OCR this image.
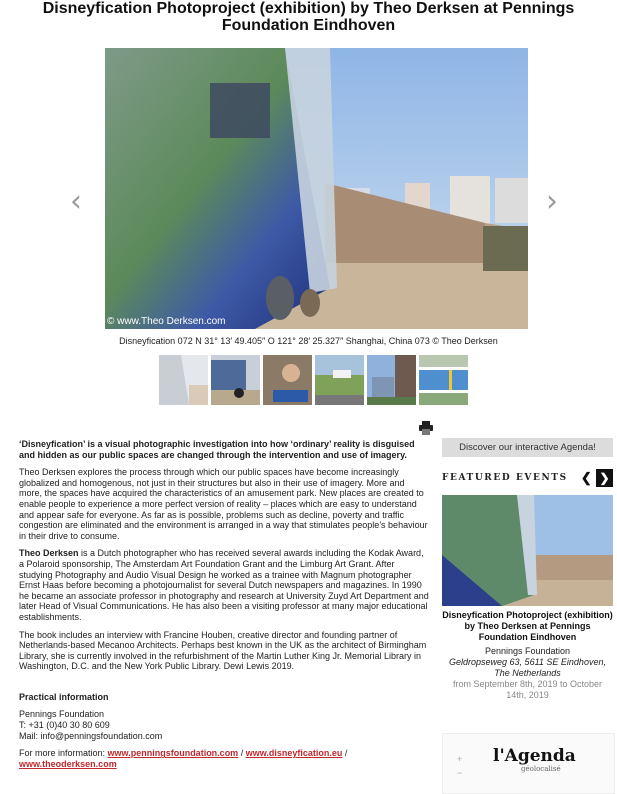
Disneyfication Photoproject (exhibition) by Theo Derksen at Pennings Foundation Eindhoven
‹
© www.Theo Derksen.com
›
Disneyfication 072 N 31° 13′ 49.405″ O 121° 28′ 25.327″ Shanghai, China 073 © Theo Derksen

‘Disneyfication’ is a visual photographic investigation into how ‘ordinary’ reality is disguised and hidden as our public spaces are changed through the intervention and use of imagery.

Theo Derksen explores the process through which our public spaces have become increasingly globalized and homogenous, not just in their structures but also in their use of imagery. More and more, the spaces have acquired the characteristics of an amusement park. New places are created to enable people to experience a more perfect version of reality – places which are easy to understand and appear safe for everyone. As far as is possible, problems such as decline, poverty and traffic congestion are eliminated and the environment is arranged in a way that stimulates people’s behaviour in their drive to consume.

Theo Derksen is a Dutch photographer who has received several awards including the Kodak Award, a Polaroid sponsorship, The Amsterdam Art Foundation Grant and the Limburg Art Grant. After studying Photography and Audio Visual Design he worked as a trainee with Magnum photographer Ernst Haas before becoming a photojournalist for several Dutch newspapers and magazines. In 1990 he became an associate professor in photography and research at University Zuyd Art Department and later Head of Visual Communications. He has also been a visiting professor at many major educational establishments.

The book includes an interview with Francine Houben, creative director and founding partner of Netherlands-based Mecanoo Architects. Perhaps best known in the UK as the architect of Birmingham Library, she is currently involved in the refurbishment of the Martin Luther King Jr. Memorial Library in Washington, D.C. and the New York Public Library. Dewi Lewis 2019.

Practical information

Pennings Foundation
T: +31 (0)40 30 80 609
Mail: info@penningsfoundation.com

For more information: www.penningsfoundation.com / www.disneyfication.eu /
www.theoderksen.com

Discover our interactive Agenda!
FEATURED EVENTS ❮ ❯
Disneyfication Photoproject (exhibition) by Theo Derksen at Pennings Foundation Eindhoven
Pennings Foundation
Geldropseweg 63, 5611 SE Eindhoven,
The Netherlands
from September 8th, 2019 to October 14th, 2019
+
−
l'Agenda
géolocalisé
